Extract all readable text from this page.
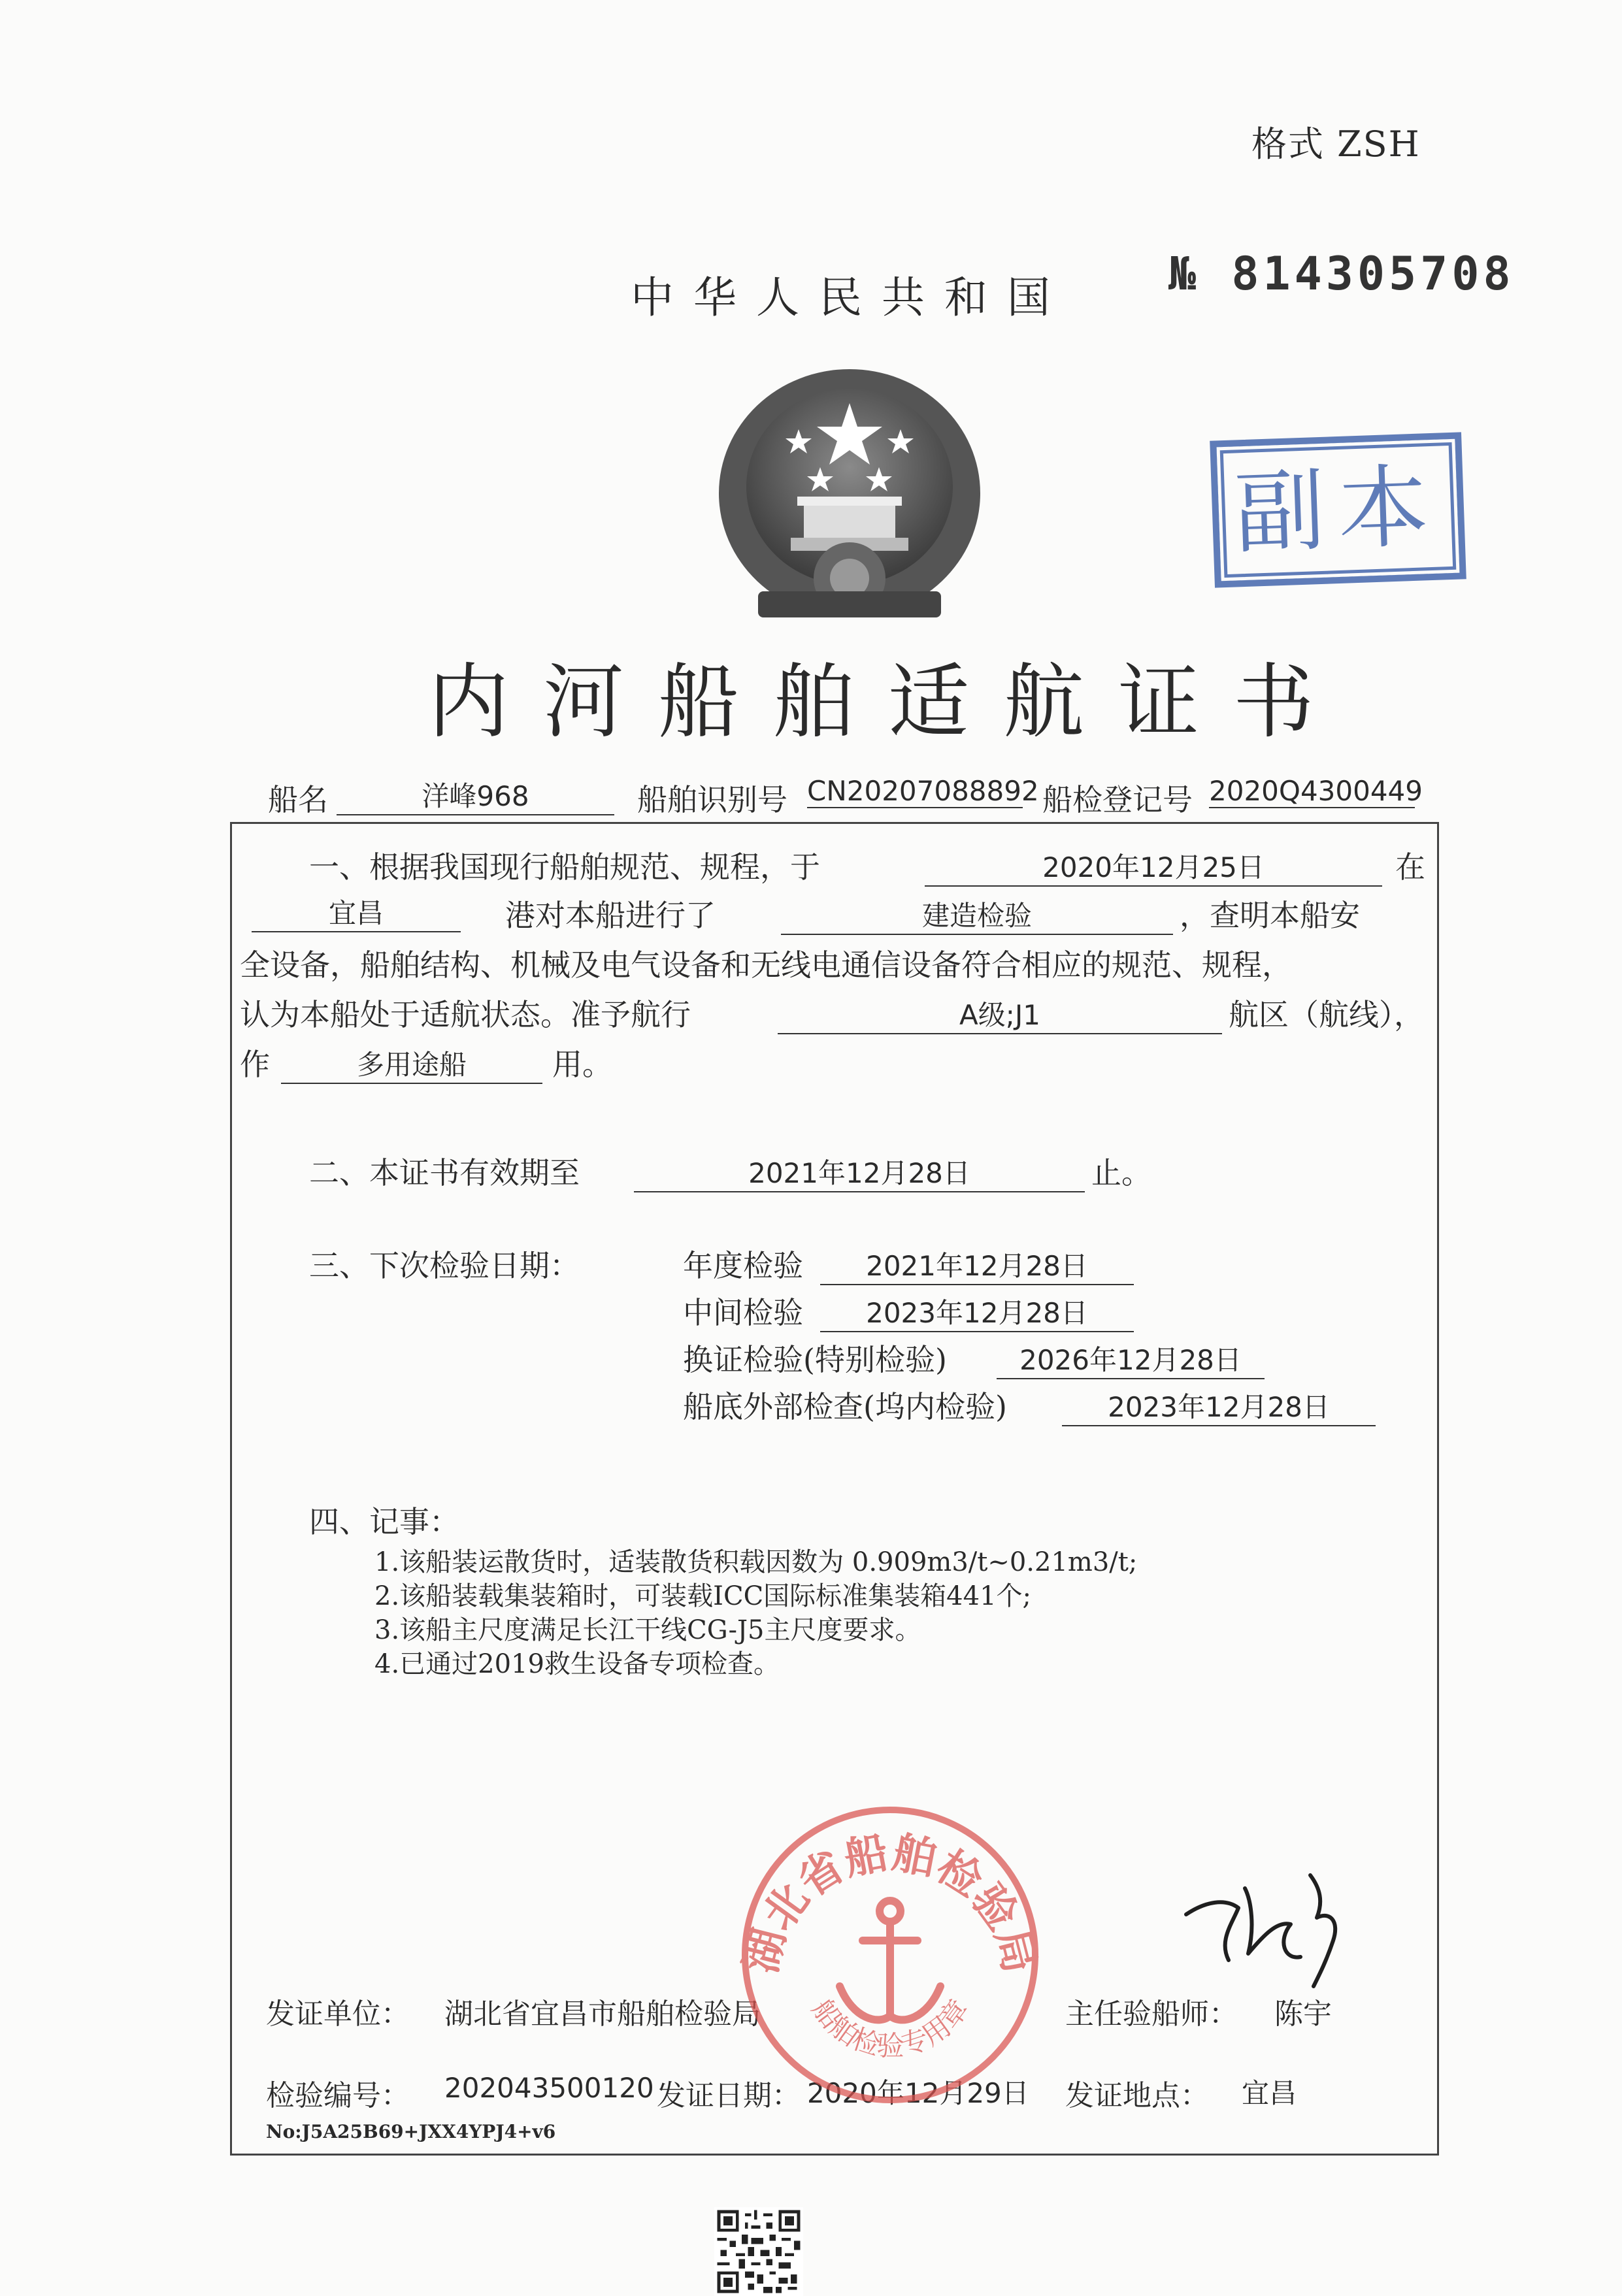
格式 ZSH
中华人民共和国 № 814305708
副本
内河船舶适航证书
船名	洋峰968	船舶识别号 CN20207088892 船检登记号 2020Q4300449
一、根据我国现行船舶规范、规程，于	2020年12月25日	在
宜昌	港对本船进行了	建造检验	，查明本船安
全设备，船舶结构、机械及电气设备和无线电通信设备符合相应的规范、规程，
认为本船处于适航状态。准予航行	A级;J1	航区（航线），
作	多用途船	用。
二、本证书有效期至	2021年12月28日	止。
三、下次检验日期：	年度检验	2021年12月28日
中间检验	2023年12月28日
换证检验(特别检验)	2026年12月28日
船底外部检查(坞内检验)	2023年12月28日
四、记事：
1.该船装运散货时，适装散货积载因数为 0.909m3/t~0.21m3/t;
2.该船装载集装箱时，可装载ICC国际标准集装箱441个;
3.该船主尺度满足长江干线CG-J5主尺度要求。
4.已通过2019救生设备专项检查。
发证单位： 湖北省宜昌市船舶检验局	主任验船师： 陈宇
检验编号： 202043500120 发证日期： 2020年12月29日 发证地点： 宜昌
No:J5A25B69+JXX4YPJ4+v6
湖北省船舶检验局
船舶检验专用章
